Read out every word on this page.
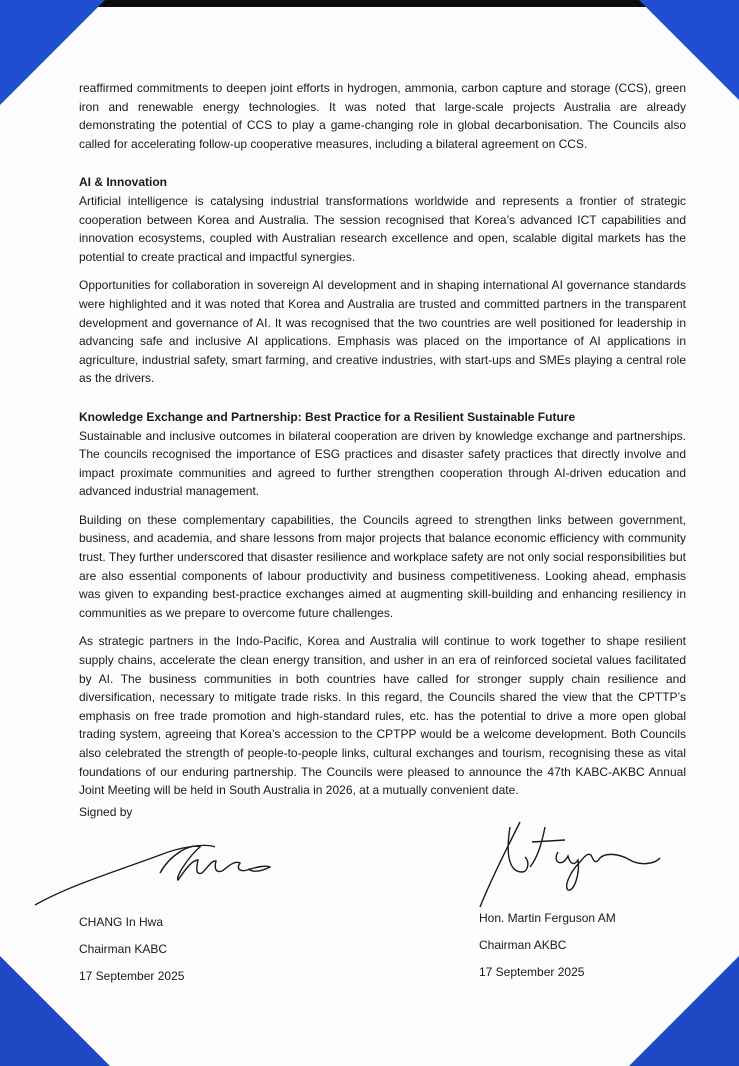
reaffirmed commitments to deepen joint efforts in hydrogen, ammonia, carbon capture and storage (CCS), green iron and renewable energy technologies. It was noted that large-scale projects Australia are already demonstrating the potential of CCS to play a game-changing role in global decarbonisation. The Councils also called for accelerating follow-up cooperative measures, including a bilateral agreement on CCS.

AI & Innovation

Artificial intelligence is catalysing industrial transformations worldwide and represents a frontier of strategic cooperation between Korea and Australia. The session recognised that Korea’s advanced ICT capabilities and innovation ecosystems, coupled with Australian research excellence and open, scalable digital markets has the potential to create practical and impactful synergies.

Opportunities for collaboration in sovereign AI development and in shaping international AI governance standards were highlighted and it was noted that Korea and Australia are trusted and committed partners in the transparent development and governance of AI. It was recognised that the two countries are well positioned for leadership in advancing safe and inclusive AI applications. Emphasis was placed on the importance of AI applications in agriculture, industrial safety, smart farming, and creative industries, with start-ups and SMEs playing a central role as the drivers.

Knowledge Exchange and Partnership: Best Practice for a Resilient Sustainable Future

Sustainable and inclusive outcomes in bilateral cooperation are driven by knowledge exchange and partnerships. The councils recognised the importance of ESG practices and disaster safety practices that directly involve and impact proximate communities and agreed to further strengthen cooperation through AI-driven education and advanced industrial management.

Building on these complementary capabilities, the Councils agreed to strengthen links between government, business, and academia, and share lessons from major projects that balance economic efficiency with community trust. They further underscored that disaster resilience and workplace safety are not only social responsibilities but are also essential components of labour productivity and business competitiveness. Looking ahead, emphasis was given to expanding best-practice exchanges aimed at augmenting skill-building and enhancing resiliency in communities as we prepare to overcome future challenges.

As strategic partners in the Indo-Pacific, Korea and Australia will continue to work together to shape resilient supply chains, accelerate the clean energy transition, and usher in an era of reinforced societal values facilitated by AI. The business communities in both countries have called for stronger supply chain resilience and diversification, necessary to mitigate trade risks. In this regard, the Councils shared the view that the CPTTP’s emphasis on free trade promotion and high-standard rules, etc. has the potential to drive a more open global trading system, agreeing that Korea’s accession to the CPTPP would be a welcome development. Both Councils also celebrated the strength of people-to-people links, cultural exchanges and tourism, recognising these as vital foundations of our enduring partnership. The Councils were pleased to announce the 47th KABC-AKBC Annual Joint Meeting will be held in South Australia in 2026, at a mutually convenient date.

Signed by
CHANG In Hwa
Chairman KABC
17 September 2025
Hon. Martin Ferguson AM
Chairman AKBC
17 September 2025
